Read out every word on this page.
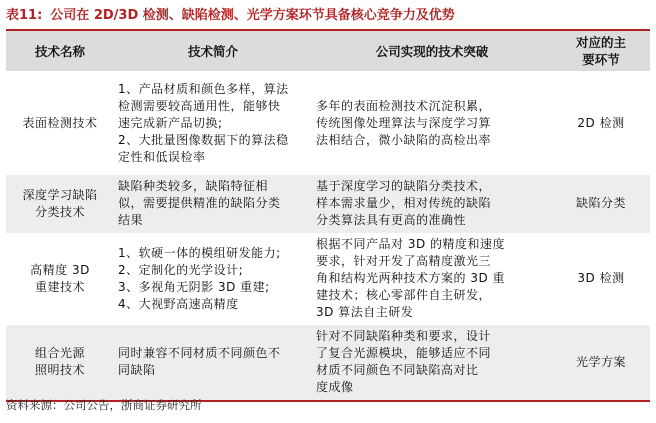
表11: 公司在 2D/3D 检测、缺陷检测、光学方案环节具备核心竞争力及优势
技术名称	技术简介	公司实现的技术突破	对应的主要环节

表面检测技术	1、产品材质和颜色多样，算法
检测需要较高通用性，能够快
速完成新产品切换;
2、大批量图像数据下的算法稳
定性和低误检率	多年的表面检测技术沉淀积累，
传统图像处理算法与深度学习算
法相结合，微小缺陷的高检出率	2D 检测

深度学习缺陷
分类技术	缺陷种类较多，缺陷特征相
似，需要提供精准的缺陷分类
结果	基于深度学习的缺陷分类技术，
样本需求量少，相对传统的缺陷
分类算法具有更高的准确性	缺陷分类

高精度 3D
重建技术	1、软硬一体的模组研发能力;
2、定制化的光学设计;
3、多视角无阴影 3D 重建;
4、大视野高速高精度	根据不同产品对 3D 的精度和速度
要求，针对开发了高精度激光三
角和结构光两种技术方案的 3D 重
建技术；核心零部件自主研发，
3D 算法自主研发	3D 检测

组合光源
照明技术	同时兼容不同材质不同颜色不
同缺陷	针对不同缺陷种类和要求，设计
了复合光源模块，能够适应不同
材质不同颜色不同缺陷高对比
度成像	光学方案
资料来源：公司公告，浙商证券研究所
